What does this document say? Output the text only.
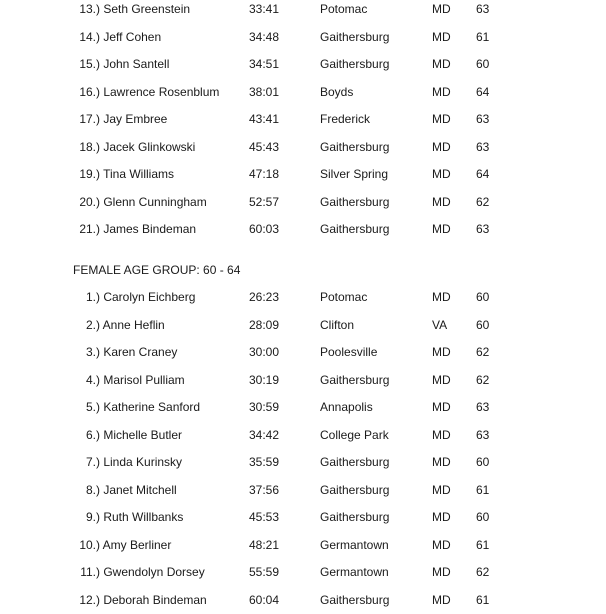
13.) Seth Greenstein	33:41	Potomac	MD 63
14.) Jeff Cohen	34:48	Gaithersburg	MD 61
15.) John Santell	34:51	Gaithersburg	MD 60
16.) Lawrence Rosenblum	38:01	Boyds	MD 64
17.) Jay Embree	43:41	Frederick	MD 63
18.) Jacek Glinkowski	45:43	Gaithersburg	MD 63
19.) Tina Williams	47:18	Silver Spring	MD 64
20.) Glenn Cunningham	52:57	Gaithersburg	MD 62
21.) James Bindeman	60:03	Gaithersburg	MD 63
FEMALE AGE GROUP: 60 - 64
1.) Carolyn Eichberg	26:23	Potomac	MD 60
2.) Anne Heflin	28:09	Clifton	VA 60
3.) Karen Craney	30:00	Poolesville	MD 62
4.) Marisol Pulliam	30:19	Gaithersburg	MD 62
5.) Katherine Sanford	30:59	Annapolis	MD 63
6.) Michelle Butler	34:42	College Park	MD 63
7.) Linda Kurinsky	35:59	Gaithersburg	MD 60
8.) Janet Mitchell	37:56	Gaithersburg	MD 61
9.) Ruth Willbanks	45:53	Gaithersburg	MD 60
10.) Amy Berliner	48:21	Germantown	MD 61
11.) Gwendolyn Dorsey	55:59	Germantown	MD 62
12.) Deborah Bindeman	60:04	Gaithersburg	MD 61
